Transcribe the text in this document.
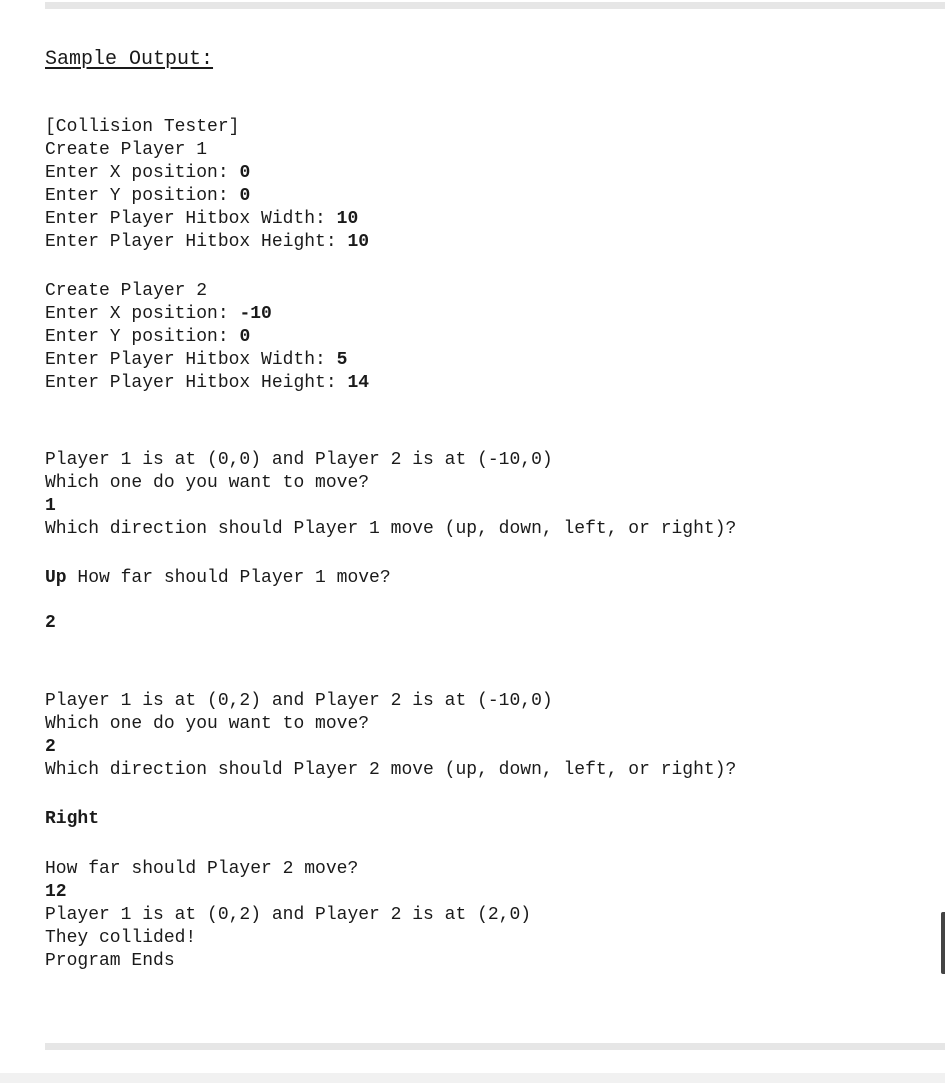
Sample Output:
[Collision Tester]
Create Player 1
Enter X position: 0
Enter Y position: 0
Enter Player Hitbox Width: 10
Enter Player Hitbox Height: 10
Create Player 2
Enter X position: -10
Enter Y position: 0
Enter Player Hitbox Width: 5
Enter Player Hitbox Height: 14
Player 1 is at (0,0) and Player 2 is at (-10,0)
Which one do you want to move?
1
Which direction should Player 1 move (up, down, left, or right)?
Up How far should Player 1 move?
2
Player 1 is at (0,2) and Player 2 is at (-10,0)
Which one do you want to move?
2
Which direction should Player 2 move (up, down, left, or right)?
Right
How far should Player 2 move?
12
Player 1 is at (0,2) and Player 2 is at (2,0)
They collided!
Program Ends
